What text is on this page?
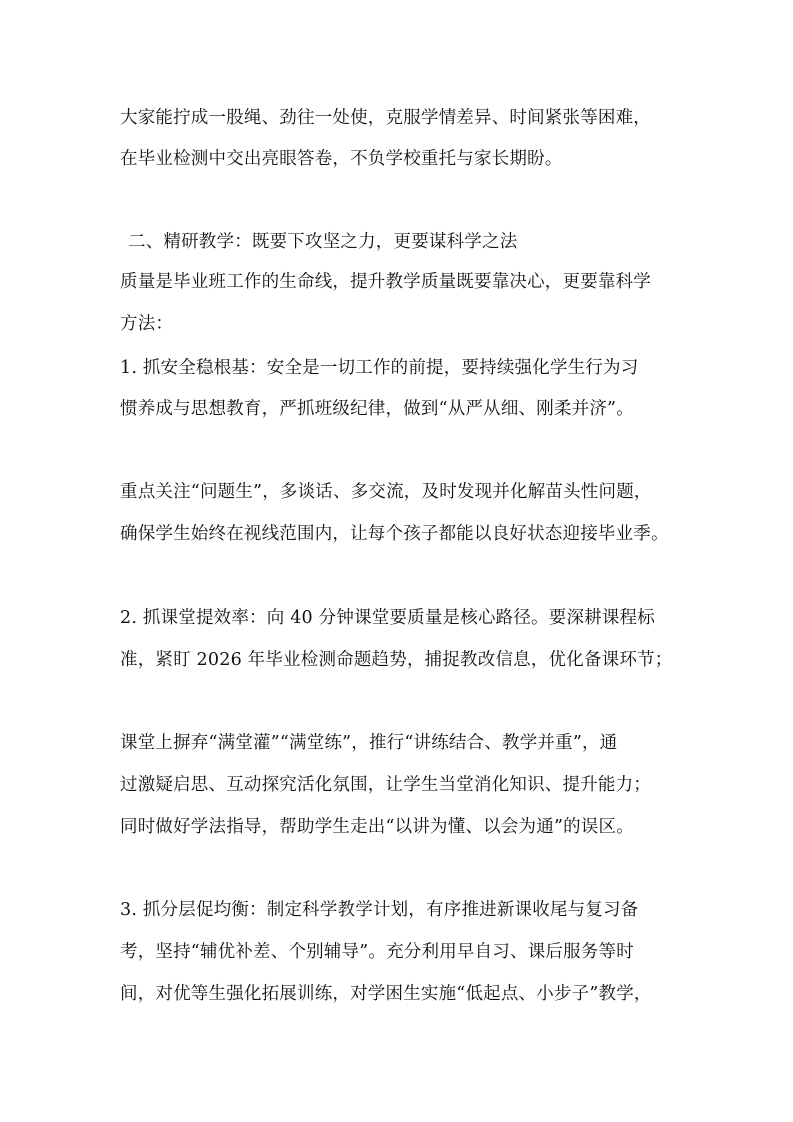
大家能拧成一股绳、劲往一处使，克服学情差异、时间紧张等困难，
在毕业检测中交出亮眼答卷，不负学校重托与家长期盼。
二、精研教学：既要下攻坚之力，更要谋科学之法
质量是毕业班工作的生命线，提升教学质量既要靠决心，更要靠科学
方法：
1. 抓安全稳根基：安全是一切工作的前提，要持续强化学生行为习
惯养成与思想教育，严抓班级纪律，做到“从严从细、刚柔并济”。
重点关注“问题生”，多谈话、多交流，及时发现并化解苗头性问题，
确保学生始终在视线范围内，让每个孩子都能以良好状态迎接毕业季。
2. 抓课堂提效率：向 40 分钟课堂要质量是核心路径。要深耕课程标
准，紧盯 2026 年毕业检测命题趋势，捕捉教改信息，优化备课环节；
课堂上摒弃“满堂灌”“满堂练”，推行“讲练结合、教学并重”，通
过激疑启思、互动探究活化氛围，让学生当堂消化知识、提升能力；
同时做好学法指导，帮助学生走出“以讲为懂、以会为通”的误区。
3. 抓分层促均衡：制定科学教学计划，有序推进新课收尾与复习备
考，坚持“辅优补差、个别辅导”。充分利用早自习、课后服务等时
间，对优等生强化拓展训练，对学困生实施“低起点、小步子”教学，
